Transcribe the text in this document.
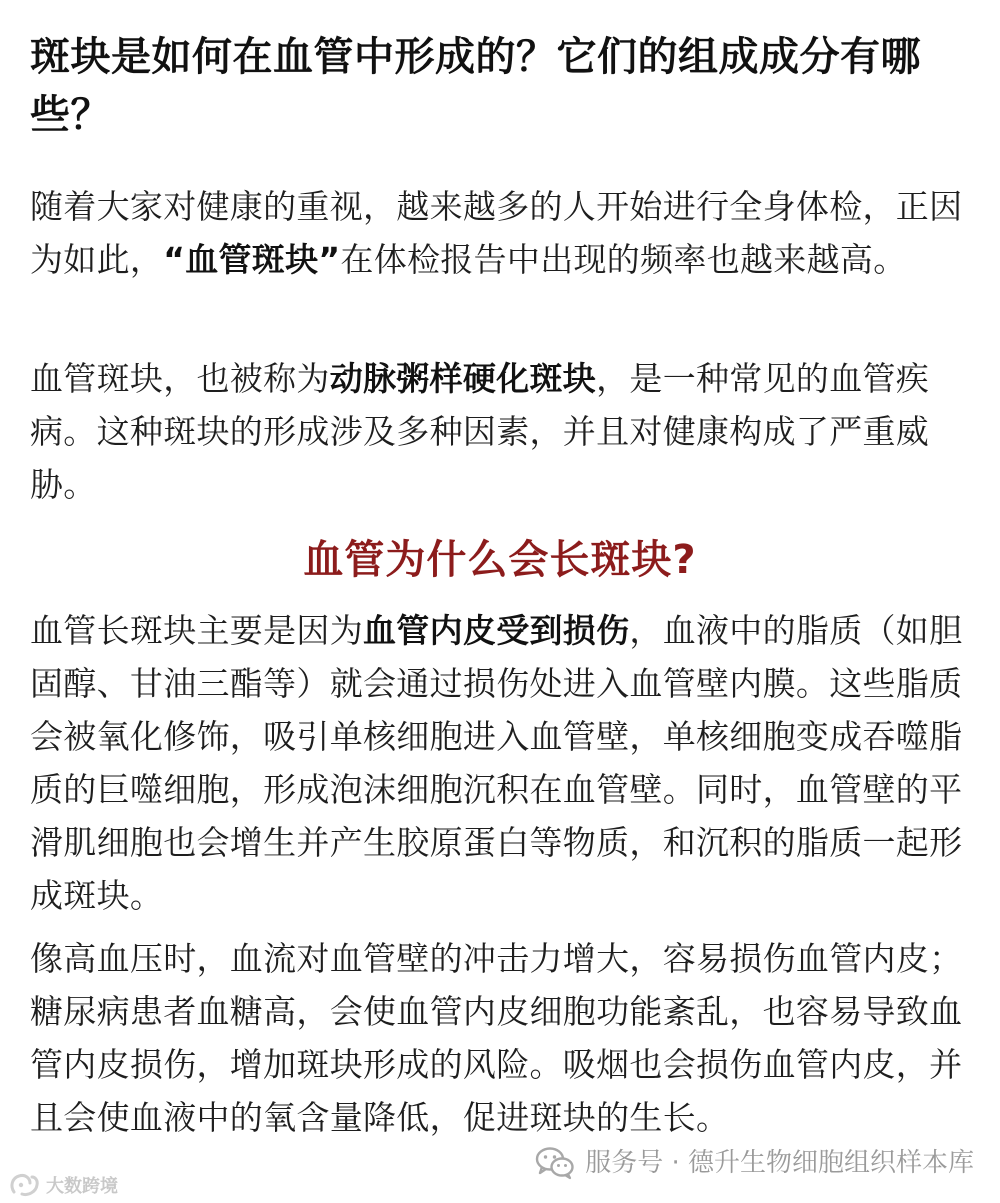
斑块是如何在血管中形成的？它们的组成成分有哪些？

随着大家对健康的重视，越来越多的人开始进行全身体检，正因为如此，“血管斑块”在体检报告中出现的频率也越来越高。

血管斑块，也被称为动脉粥样硬化斑块，是一种常见的血管疾病。这种斑块的形成涉及多种因素，并且对健康构成了严重威胁。

血管为什么会长斑块?

血管长斑块主要是因为血管内皮受到损伤，血液中的脂质（如胆固醇、甘油三酯等）就会通过损伤处进入血管壁内膜。这些脂质会被氧化修饰，吸引单核细胞进入血管壁，单核细胞变成吞噬脂质的巨噬细胞，形成泡沫细胞沉积在血管壁。同时，血管壁的平滑肌细胞也会增生并产生胶原蛋白等物质，和沉积的脂质一起形成斑块。

像高血压时，血流对血管壁的冲击力增大，容易损伤血管内皮；糖尿病患者血糖高，会使血管内皮细胞功能紊乱，也容易导致血管内皮损伤，增加斑块形成的风险。吸烟也会损伤血管内皮，并且会使血液中的氧含量降低，促进斑块的生长。

服务号 · 德升生物细胞组织样本库
大数跨境
